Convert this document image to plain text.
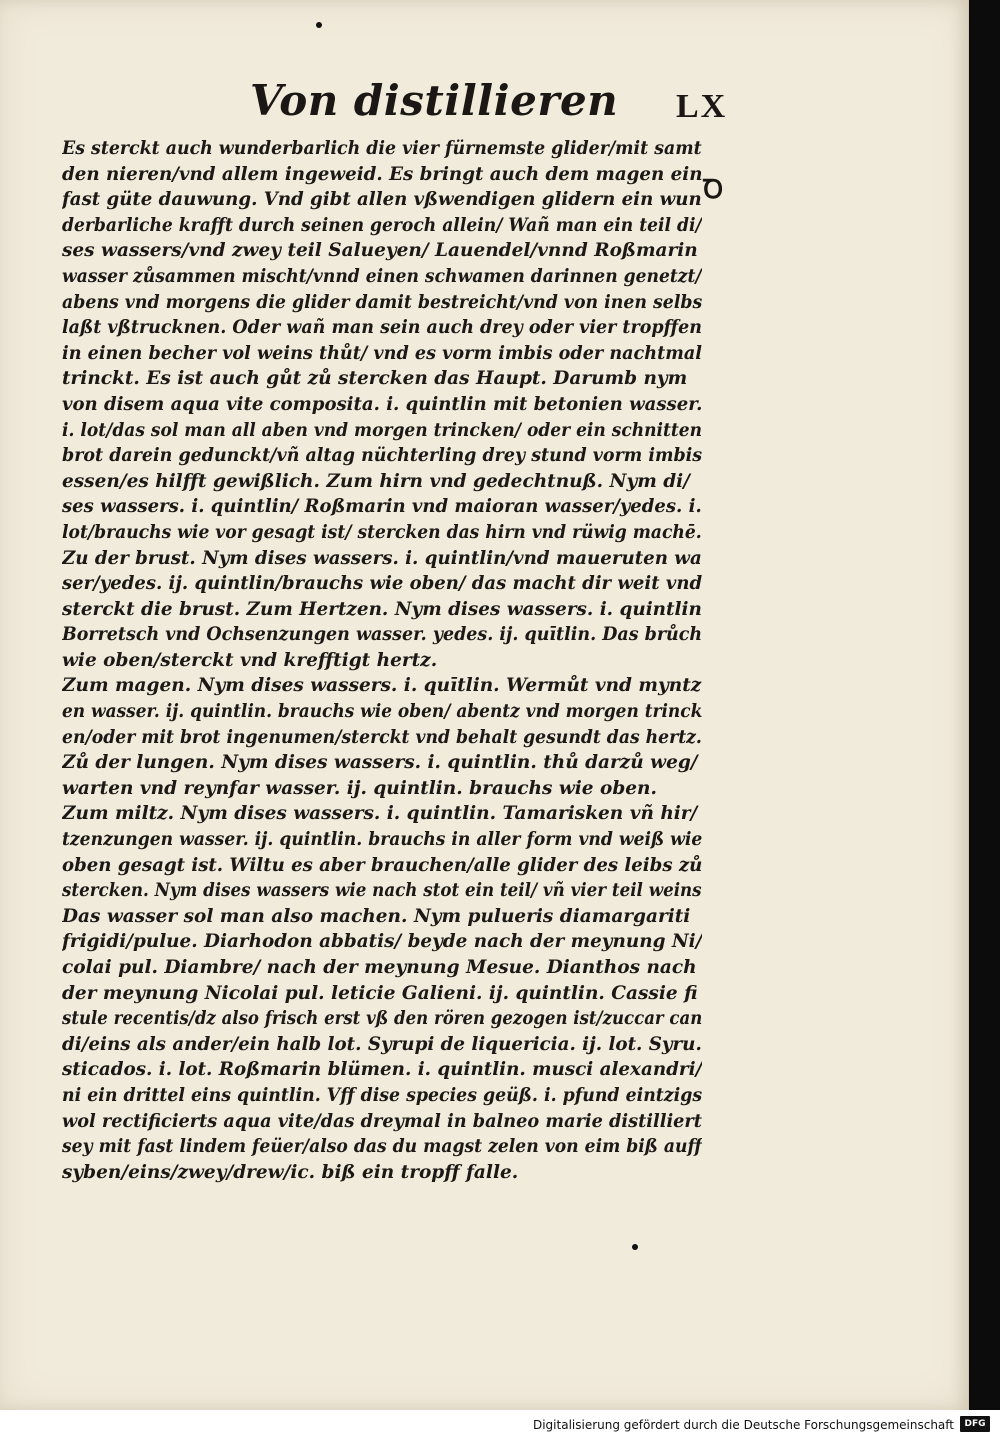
Von distillieren LX
Ꝺ
Es sterckt auch wunderbarlich die vier fürnemste glider/mit samt
den nieren/vnd allem ingeweid. Es bringt auch dem magen ein
fast güte dauwung. Vnd gibt allen vßwendigen glidern ein wun
derbarliche krafft durch seinen geroch allein/ Wañ man ein teil di/
ses wassers/vnd zwey teil Salueyen/ Lauendel/vnnd Roßmarin
wasser zůsammen mischt/vnnd einen schwamen darinnen genetzt/
abens vnd morgens die glider damit bestreicht/vnd von inen selbs
laßt vßtrucknen. Oder wañ man sein auch drey oder vier tropffen
in einen becher vol weins thůt/ vnd es vorm imbis oder nachtmal
trinckt. Es ist auch gůt zů stercken das Haupt. Darumb nym
von disem aqua vite composita. i. quintlin mit betonien wasser.
i. lot/das sol man all aben vnd morgen trincken/ oder ein schnitten
brot darein gedunckt/vñ altag nüchterling drey stund vorm imbis
essen/es hilfft gewißlich. Zum hirn vnd gedechtnuß. Nym di/
ses wassers. i. quintlin/ Roßmarin vnd maioran wasser/yedes. i.
lot/brauchs wie vor gesagt ist/ stercken das hirn vnd rüwig machē.
Zu der brust. Nym dises wassers. i. quintlin/vnd maueruten wa
ser/yedes. ij. quintlin/brauchs wie oben/ das macht dir weit vnd
sterckt die brust. Zum Hertzen. Nym dises wassers. i. quintlin
Borretsch vnd Ochsenzungen wasser. yedes. ij. quītlin. Das brůch
wie oben/sterckt vnd krefftigt hertz.
Zum magen. Nym dises wassers. i. quītlin. Wermůt vnd myntz
en wasser. ij. quintlin. brauchs wie oben/ abentz vnd morgen trinck
en/oder mit brot ingenumen/sterckt vnd behalt gesundt das hertz.
Zů der lungen. Nym dises wassers. i. quintlin. thů darzů weg/
warten vnd reynfar wasser. ij. quintlin. brauchs wie oben.
Zum miltz. Nym dises wassers. i. quintlin. Tamarisken vñ hir/
tzenzungen wasser. ij. quintlin. brauchs in aller form vnd weiß wie
oben gesagt ist. Wiltu es aber brauchen/alle glider des leibs zů
stercken. Nym dises wassers wie nach stot ein teil/ vñ vier teil weins
Das wasser sol man also machen. Nym pulueris diamargariti
frigidi/pulue. Diarhodon abbatis/ beyde nach der meynung Ni/
colai pul. Diambre/ nach der meynung Mesue. Dianthos nach
der meynung Nicolai pul. leticie Galieni. ij. quintlin. Cassie fi
stule recentis/dz also frisch erst vß den rören gezogen ist/zuccar can
di/eins als ander/ein halb lot. Syrupi de liquericia. ij. lot. Syru.
sticados. i. lot. Roßmarin blümen. i. quintlin. musci alexandri/
ni ein drittel eins quintlin. Vff dise species geüß. i. pfund eintzigs
wol rectificierts aqua vite/das dreymal in balneo marie distilliert
sey mit fast lindem feüer/also das du magst zelen von eim biß auff
syben/eins/zwey/drew/ic. biß ein tropff falle.
Digitalisierung gefördert durch die Deutsche Forschungsgemeinschaft	DFG
